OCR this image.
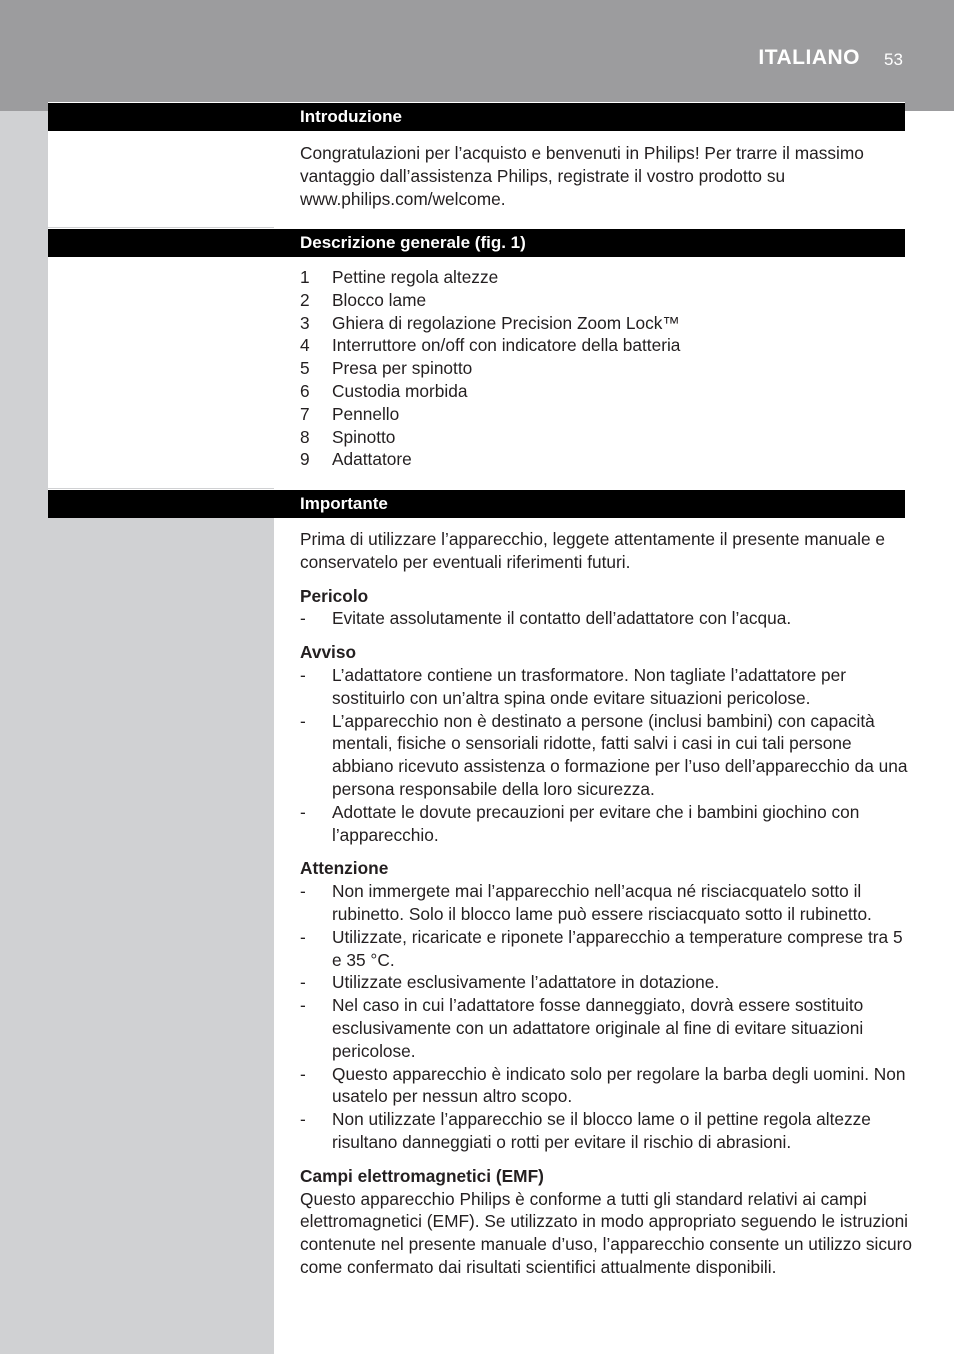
ITALIANO 53
Introduzione

Congratulazioni per l’acquisto e benvenuti in Philips! Per trarre il massimo vantaggio dall’assistenza Philips, registrate il vostro prodotto su www.philips.com/welcome.

Descrizione generale (fig. 1)
1	Pettine regola altezze
2	Blocco lame
3	Ghiera di regolazione Precision Zoom Lock™
4	Interruttore on/off con indicatore della batteria
5	Presa per spinotto
6	Custodia morbida
7	Pennello
8	Spinotto
9	Adattatore
Importante

Prima di utilizzare l’apparecchio, leggete attentamente il presente manuale e conservatelo per eventuali riferimenti futuri.

Pericolo

-	Evitate assolutamente il contatto dell’adattatore con l’acqua.

Avviso

-	L’adattatore contiene un trasformatore. Non tagliate l’adattatore per sostituirlo con un’altra spina onde evitare situazioni pericolose.
-	L’apparecchio non è destinato a persone (inclusi bambini) con capacità mentali, fisiche o sensoriali ridotte, fatti salvi i casi in cui tali persone abbiano ricevuto assistenza o formazione per l’uso dell’apparecchio da una persona responsabile della loro sicurezza.
-	Adottate le dovute precauzioni per evitare che i bambini giochino con l’apparecchio.

Attenzione

-	Non immergete mai l’apparecchio nell’acqua né risciacquatelo sotto il rubinetto. Solo il blocco lame può essere risciacquato sotto il rubinetto.
-	Utilizzate, ricaricate e riponete l’apparecchio a temperature comprese tra 5 e 35 °C.
-	Utilizzate esclusivamente l’adattatore in dotazione.
-	Nel caso in cui l’adattatore fosse danneggiato, dovrà essere sostituito esclusivamente con un adattatore originale al fine di evitare situazioni pericolose.
-	Questo apparecchio è indicato solo per regolare la barba degli uomini. Non usatelo per nessun altro scopo.
-	Non utilizzate l’apparecchio se il blocco lame o il pettine regola altezze risultano danneggiati o rotti per evitare il rischio di abrasioni.

Campi elettromagnetici (EMF)

Questo apparecchio Philips è conforme a tutti gli standard relativi ai campi elettromagnetici (EMF). Se utilizzato in modo appropriato seguendo le istruzioni contenute nel presente manuale d’uso, l’apparecchio consente un utilizzo sicuro come confermato dai risultati scientifici attualmente disponibili.
